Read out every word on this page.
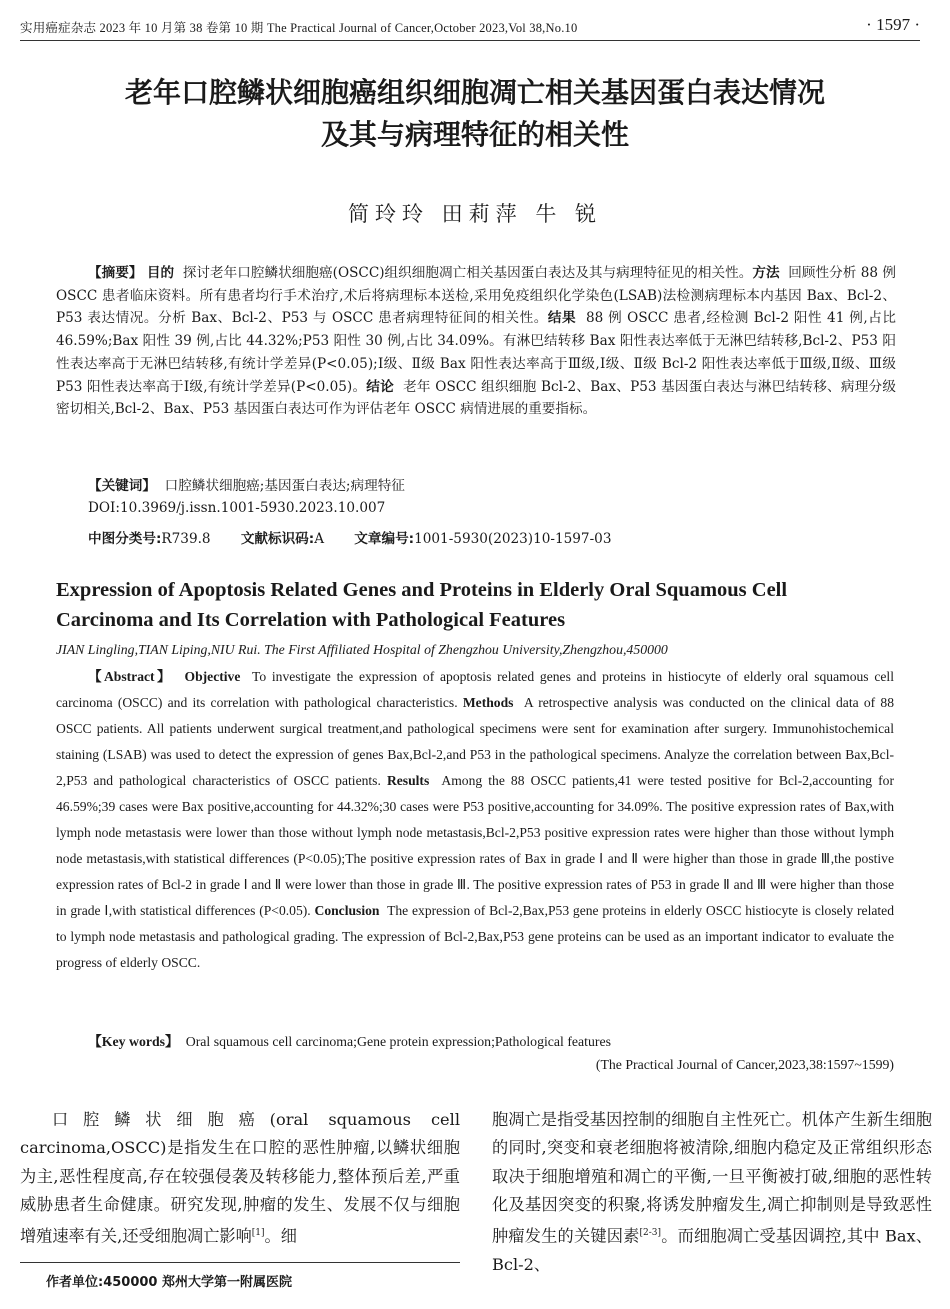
实用癌症杂志 2023 年 10 月第 38 卷第 10 期 The Practical Journal of Cancer,October 2023,Vol 38,No.10	· 1597 ·
老年口腔鳞状细胞癌组织细胞凋亡相关基因蛋白表达情况
及其与病理特征的相关性
简玲玲 田莉萍 牛 锐
【摘要】 目的 探讨老年口腔鳞状细胞癌(OSCC)组织细胞凋亡相关基因蛋白表达及其与病理特征见的相关性。方法 回顾性分析 88 例 OSCC 患者临床资料。所有患者均行手术治疗,术后将病理标本送检,采用免疫组织化学染色(LSAB)法检测病理标本内基因 Bax、Bcl-2、P53 表达情况。分析 Bax、Bcl-2、P53 与 OSCC 患者病理特征间的相关性。结果 88 例 OSCC 患者,经检测 Bcl-2 阳性 41 例,占比 46.59%;Bax 阳性 39 例,占比 44.32%;P53 阳性 30 例,占比 34.09%。有淋巴结转移 Bax 阳性表达率低于无淋巴结转移,Bcl-2、P53 阳性表达率高于无淋巴结转移,有统计学差异(P<0.05);Ⅰ级、Ⅱ级 Bax 阳性表达率高于Ⅲ级,Ⅰ级、Ⅱ级 Bcl-2 阳性表达率低于Ⅲ级,Ⅱ级、Ⅲ级 P53 阳性表达率高于Ⅰ级,有统计学差异(P<0.05)。结论 老年 OSCC 组织细胞 Bcl-2、Bax、P53 基因蛋白表达与淋巴结转移、病理分级密切相关,Bcl-2、Bax、P53 基因蛋白表达可作为评估老年 OSCC 病情进展的重要指标。
【关键词】 口腔鳞状细胞癌;基因蛋白表达;病理特征
DOI:10.3969/j.issn.1001-5930.2023.10.007
中图分类号:R739.8 文献标识码:A 文章编号:1001-5930(2023)10-1597-03
Expression of Apoptosis Related Genes and Proteins in Elderly Oral Squamous Cell
Carcinoma and Its Correlation with Pathological Features
JIAN Lingling,TIAN Liping,NIU Rui. The First Affiliated Hospital of Zhengzhou University,Zhengzhou,450000
【Abstract】 Objective To investigate the expression of apoptosis related genes and proteins in histiocyte of elderly oral squamous cell carcinoma (OSCC) and its correlation with pathological characteristics. Methods A retrospective analysis was conducted on the clinical data of 88 OSCC patients. All patients underwent surgical treatment,and pathological specimens were sent for examination after surgery. Immunohistochemical staining (LSAB) was used to detect the expression of genes Bax,Bcl-2,and P53 in the pathological specimens. Analyze the correlation between Bax,Bcl-2,P53 and pathological characteristics of OSCC patients. Results Among the 88 OSCC patients,41 were tested positive for Bcl-2,accounting for 46.59%;39 cases were Bax positive,accounting for 44.32%;30 cases were P53 positive,accounting for 34.09%. The positive expression rates of Bax,with lymph node metastasis were lower than those without lymph node metastasis,Bcl-2,P53 positive expression rates were higher than those without lymph node metastasis,with statistical differences (P<0.05);The positive expression rates of Bax in grade Ⅰ and Ⅱ were higher than those in grade Ⅲ,the postive expression rates of Bcl-2 in grade Ⅰ and Ⅱ were lower than those in grade Ⅲ. The positive expression rates of P53 in grade Ⅱ and Ⅲ were higher than those in grade Ⅰ,with statistical differences (P<0.05). Conclusion The expression of Bcl-2,Bax,P53 gene proteins in elderly OSCC histiocyte is closely related to lymph node metastasis and pathological grading. The expression of Bcl-2,Bax,P53 gene proteins can be used as an important indicator to evaluate the progress of elderly OSCC.
【Key words】 Oral squamous cell carcinoma;Gene protein expression;Pathological features
(The Practical Journal of Cancer,2023,38:1597~1599)
口腔鳞状细胞癌(oral squamous cell carcinoma,OSCC)是指发生在口腔的恶性肿瘤,以鳞状细胞为主,恶性程度高,存在较强侵袭及转移能力,整体预后差,严重威胁患者生命健康。研究发现,肿瘤的发生、发展不仅与细胞增殖速率有关,还受细胞凋亡影响[1]。细
胞凋亡是指受基因控制的细胞自主性死亡。机体产生新生细胞的同时,突变和衰老细胞将被清除,细胞内稳定及正常组织形态取决于细胞增殖和凋亡的平衡,一旦平衡被打破,细胞的恶性转化及基因突变的积聚,将诱发肿瘤发生,凋亡抑制则是导致恶性肿瘤发生的关键因素[2-3]。而细胞凋亡受基因调控,其中 Bax、Bcl-2、
作者单位:450000 郑州大学第一附属医院
